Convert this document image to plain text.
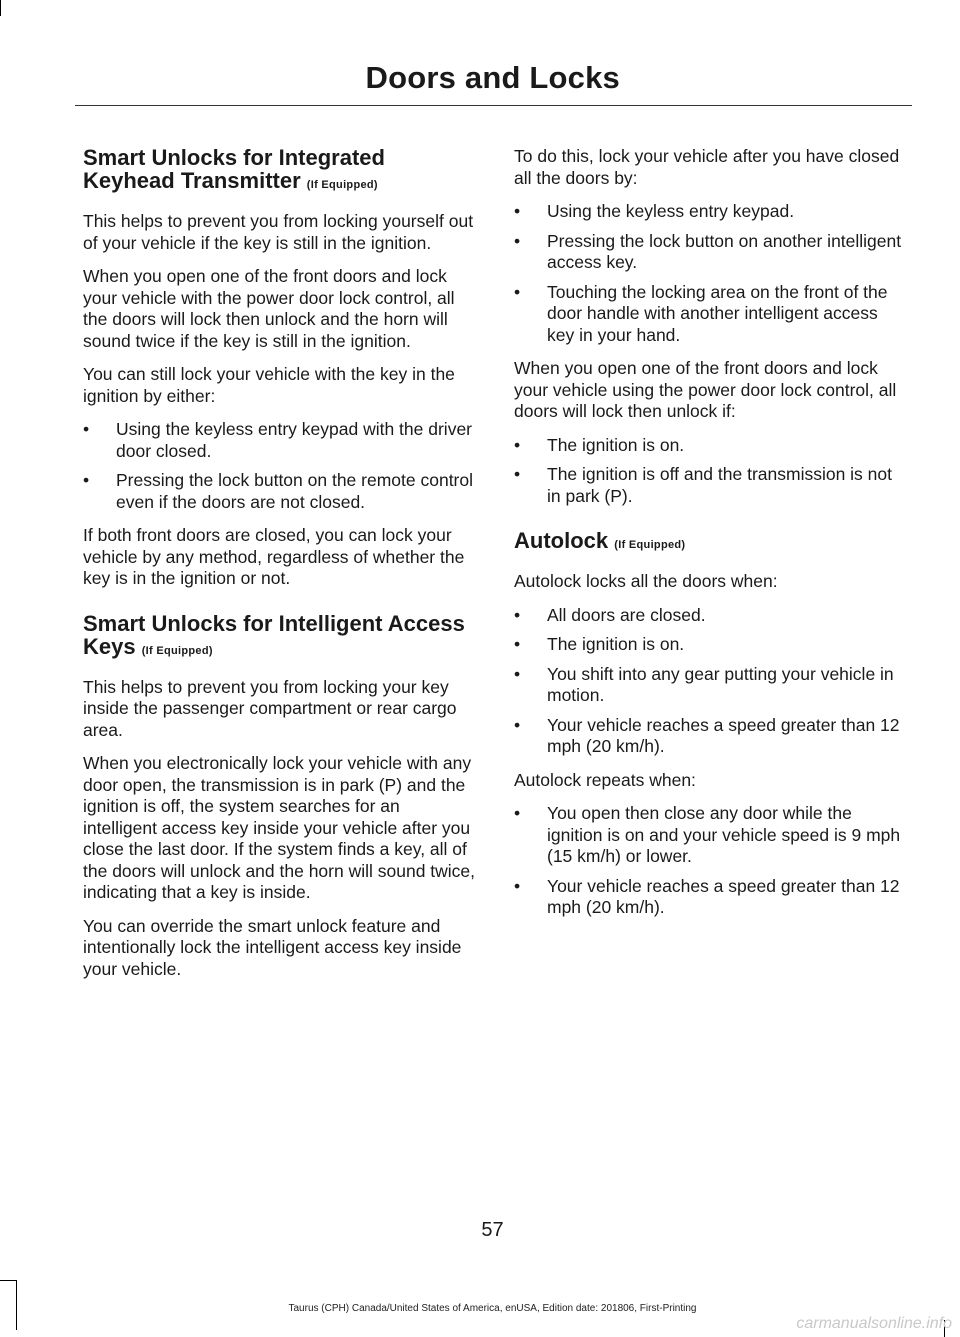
Doors and Locks
Smart Unlocks for Integrated Keyhead Transmitter (If Equipped)

This helps to prevent you from locking yourself out of your vehicle if the key is still in the ignition.

When you open one of the front doors and lock your vehicle with the power door lock control, all the doors will lock then unlock and the horn will sound twice if the key is still in the ignition.

You can still lock your vehicle with the key in the ignition by either:

• Using the keyless entry keypad with the driver door closed.
• Pressing the lock button on the remote control even if the doors are not closed.

If both front doors are closed, you can lock your vehicle by any method, regardless of whether the key is in the ignition or not.

Smart Unlocks for Intelligent Access Keys (If Equipped)

This helps to prevent you from locking your key inside the passenger compartment or rear cargo area.

When you electronically lock your vehicle with any door open, the transmission is in park (P) and the ignition is off, the system searches for an intelligent access key inside your vehicle after you close the last door. If the system finds a key, all of the doors will unlock and the horn will sound twice, indicating that a key is inside.

You can override the smart unlock feature and intentionally lock the intelligent access key inside your vehicle.

To do this, lock your vehicle after you have closed all the doors by:

• Using the keyless entry keypad.
• Pressing the lock button on another intelligent access key.
• Touching the locking area on the front of the door handle with another intelligent access key in your hand.

When you open one of the front doors and lock your vehicle using the power door lock control, all doors will lock then unlock if:

• The ignition is on.
• The ignition is off and the transmission is not in park (P).
Autolock (If Equipped)

Autolock locks all the doors when:

• All doors are closed.
• The ignition is on.
• You shift into any gear putting your vehicle in motion.
• Your vehicle reaches a speed greater than 12 mph (20 km/h).

Autolock repeats when:

• You open then close any door while the ignition is on and your vehicle speed is 9 mph (15 km/h) or lower.
• Your vehicle reaches a speed greater than 12 mph (20 km/h).
57
Taurus (CPH) Canada/United States of America, enUSA, Edition date: 201806, First-Printing
carmanualsonline.info
